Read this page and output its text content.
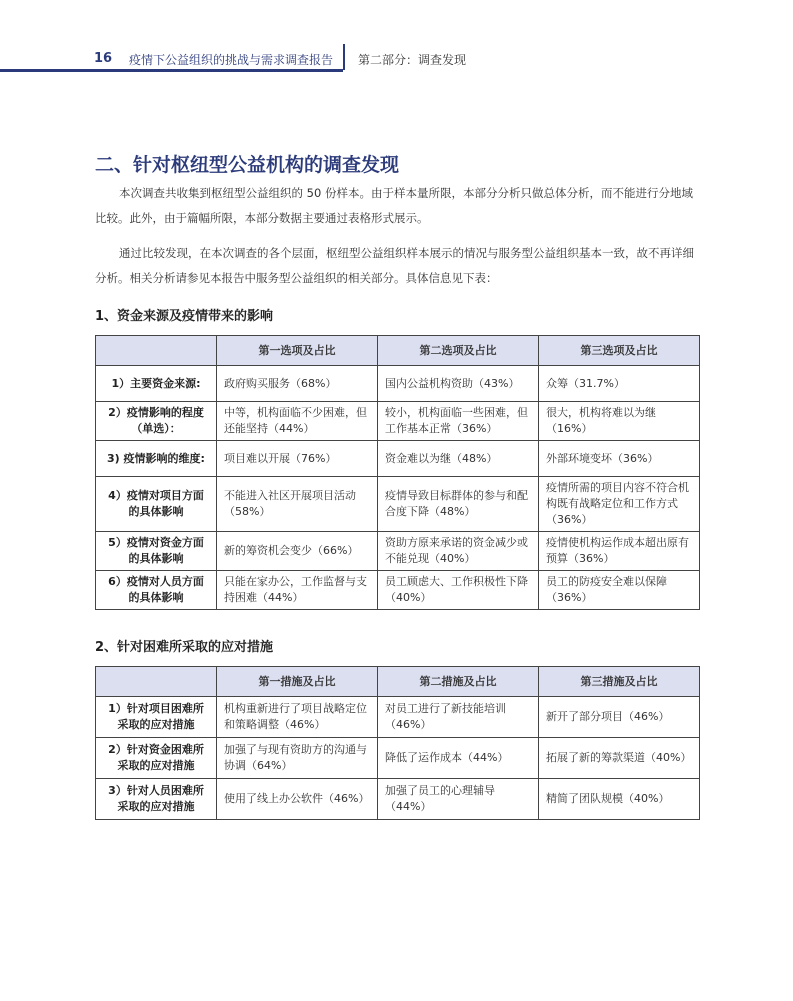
16 疫情下公益组织的挑战与需求调查报告 第二部分：调查发现
二、针对枢纽型公益机构的调查发现
本次调查共收集到枢纽型公益组织的 50 份样本。由于样本量所限，本部分分析只做总体分析，而不能进行分地域比较。此外，由于篇幅所限，本部分数据主要通过表格形式展示。
通过比较发现，在本次调查的各个层面，枢纽型公益组织样本展示的情况与服务型公益组织基本一致，故不再详细分析。相关分析请参见本报告中服务型公益组织的相关部分。具体信息见下表：
1、资金来源及疫情带来的影响
	第一选项及占比	第二选项及占比	第三选项及占比
1）主要资金来源:	政府购买服务（68%）	国内公益机构资助（43%）	众筹（31.7%）
2）疫情影响的程度（单选）：	中等，机构面临不少困难，但还能坚持（44%）	较小，机构面临一些困难，但工作基本正常（36%）	很大，机构将难以为继（16%）
3) 疫情影响的维度:	项目难以开展（76%）	资金难以为继（48%）	外部环境变坏（36%）
4）疫情对项目方面的具体影响	不能进入社区开展项目活动（58%）	疫情导致目标群体的参与和配合度下降（48%）	疫情所需的项目内容不符合机构既有战略定位和工作方式（36%）
5）疫情对资金方面的具体影响	新的筹资机会变少（66%）	资助方原来承诺的资金减少或不能兑现（40%）	疫情使机构运作成本超出原有预算（36%）
6）疫情对人员方面的具体影响	只能在家办公，工作监督与支持困难（44%）	员工顾虑大、工作积极性下降（40%）	员工的防疫安全难以保障（36%）
2、针对困难所采取的应对措施
	第一措施及占比	第二措施及占比	第三措施及占比
1）针对项目困难所采取的应对措施	机构重新进行了项目战略定位和策略调整（46%）	对员工进行了新技能培训（46%）	新开了部分项目（46%）
2）针对资金困难所采取的应对措施	加强了与现有资助方的沟通与协调（64%）	降低了运作成本（44%）	拓展了新的筹款渠道（40%）
3）针对人员困难所采取的应对措施	使用了线上办公软件（46%）	加强了员工的心理辅导（44%）	精简了团队规模（40%）
